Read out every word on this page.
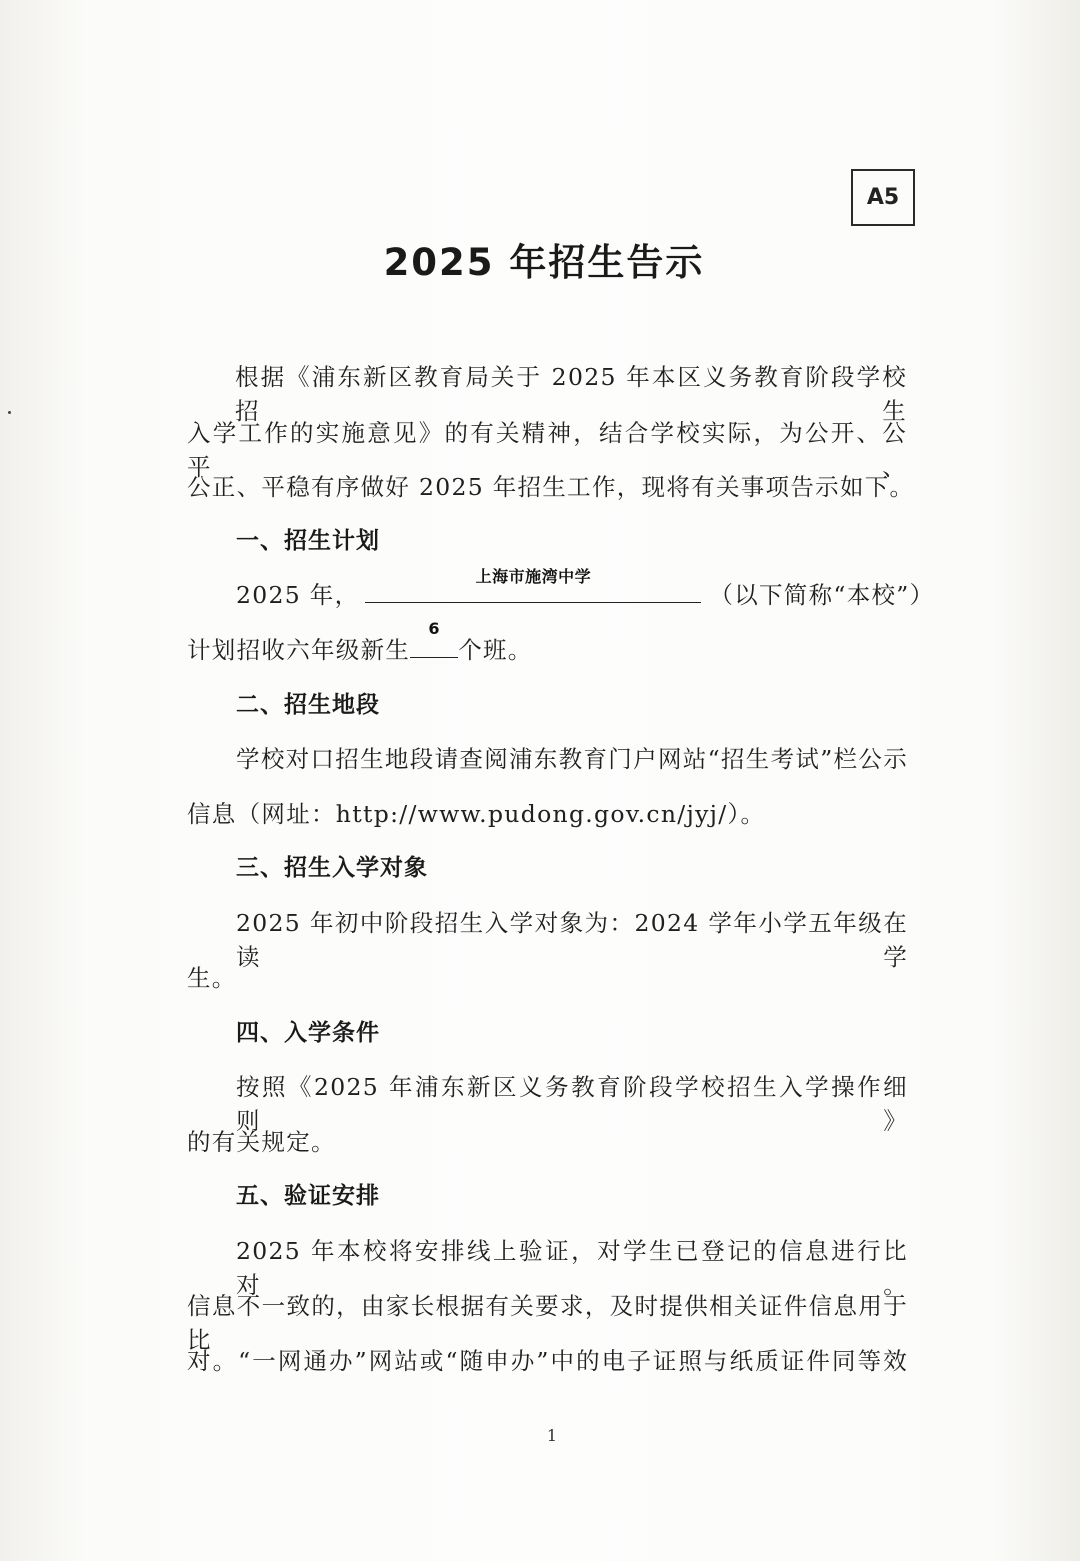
A5
2025 年招生告示
根据《浦东新区教育局关于 2025 年本区义务教育阶段学校招生
入学工作的实施意见》的有关精神，结合学校实际，为公开、公平、
公正、平稳有序做好 2025 年招生工作，现将有关事项告示如下。
一、招生计划
2025 年，
上海市施湾中学
（以下简称“本校”）
计划招收六年级新生
6
个班。
二、招生地段
学校对口招生地段请查阅浦东教育门户网站“招生考试”栏公示
信息（网址：http://www.pudong.gov.cn/jyj/）。
三、招生入学对象
2025 年初中阶段招生入学对象为：2024 学年小学五年级在读学
生。
四、入学条件
按照《2025 年浦东新区义务教育阶段学校招生入学操作细则》
的有关规定。
五、验证安排
2025 年本校将安排线上验证，对学生已登记的信息进行比对。
信息不一致的，由家长根据有关要求，及时提供相关证件信息用于比
对。“一网通办”网站或“随申办”中的电子证照与纸质证件同等效
1
